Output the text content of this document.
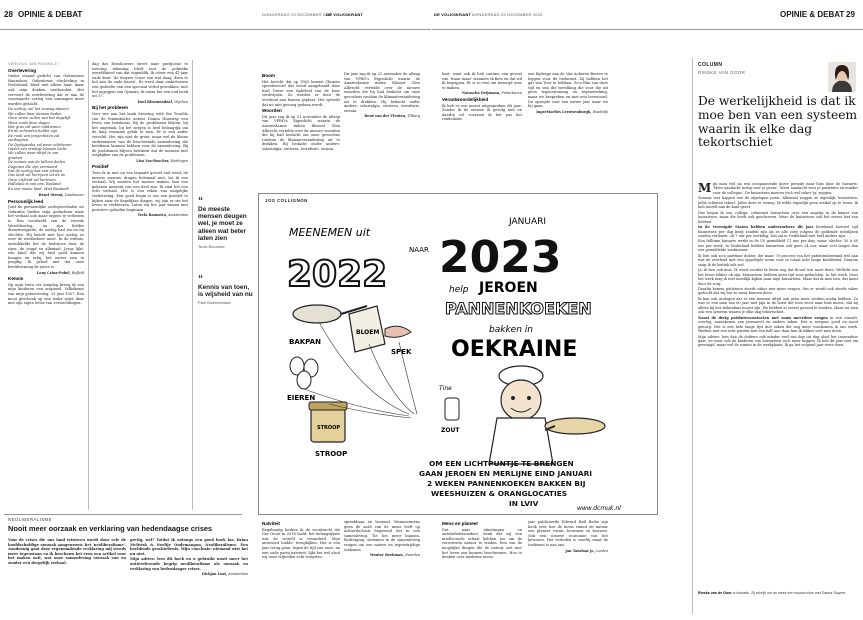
28 OPINIE & DEBAT	DONDERDAG 29 DECEMBER 2022
DE VOLKSKRANT	DE VOLKSKRANT DONDERDAG 29 DECEMBER 2022	OPINIE & DEBAT 29
VERVOLG VAN PAGINA 27
Overlevering

Onder staand gedicht van Oekraïense Hannelore, Oekraïense vluchteling in Nederland, bleef niet alleen haar, maar ook mijn denken vasthouden. Het vervoert de overlevering dat er aan de voorwaarde oorlog van sommigen moet worden gedacht.

De oorlog, wil het zouvag dansen
We zullen haar dansen beden
Onze verre zullen van het dagelijk
Wees zoals deze dagen
Het gras zal weer ontkiemen
En de schenden helder zijn
De rook van projectielen zal
verdwijnen
De Dyskyavska zal weer schitteren
Onder een vredige blauwe lucht
We zullen weer altijd te zon
groeten
De namen van de talloze doden
Dagenen die zijn vermoord
Dat de oorlog wat een ziksten
Ons land zal herrijzen uit de as
Onze vrijheid zal herleven
Halleluia is van ons, Rusland
En ons mooie land, Mist Rusland!
Henri Strent, Landsmeer
Persoonlijk leed

Juist de persoonlijke oorlogsverhalen uit Oekraïne bieden mijn gedachten waar het verhaal ook maar ergens te verliezen is. Een voorbeeld van de tweede Wereldoorlog, na zijn liefdes dienstweigerde, de oorlog had zin en hij vluchtte. Hij beseft niet hoe oorlog zo over de westbeheer moet. In de erfenis, ontwikkelde het de bedrijven door de rijen, de jeugd en allemaal. Jezus lijkt, een kind, dat wij heel goed kunnen hangen en erbij, het meest zien in jeugdig. Ik geloof niet dat onze beeldvorming de juiste is.

Lony Crina-Pobel, Beffeld
Kennis

Op mijn trein ver langdag kreeg ik van mijn kinderen een origineel. Volkskrant van mijn geboortedag, 25 juni 1957. Een mooi geschenk op een leuke wijze daar met zijn eigen leven van verwachtingen.

dag dat Eenshowers strevt naar paviljoene te werving tekening bleef met de politieke wereldhirsel van dat tegenblik. Ik citeer een 41-jaar oude kant: 'de Smyrrs Cruse van wat daag, doen te hol aan de oude haven'. Er werd daar ondertussen een gedeelte van een speciaal verlof getrokken, met het ingrijpen van Opmars, ik noem het een oud boek uit 17.

Paul Bloemendaal, Wijchen
Bij het probleem

Voor wie aan het boek Steering with the Trouble van de feminitische auteur Donna Haraway een leven van betekenis. Bij de problemen blijven, bij het ongemak, bij het zorgen is heel belangrijk om de lang eenzame geluk te zien. Er is een ander verschil. Het zijn niet de grote, maar wel de kleine ondernemers van de beschermde samenleving die betekenis kunnen hebben voor de samenleving. Bij de problemen blijven betekent dat de mensen niet wegkijken van de problemen.

Lisa Vos-Boscher, Harlingen
Positief

Toen ik in met op een bepaald gevoel oud werd, de meeste mensen dragen helemaal niet, las ik een verhaal. Wij moeten het mooier maken, laat een gekozen moment van een deel zijn. Ik vind het een echt verhaal. Het is een teken van mogelijke verbetering. Een goed begin is om een positief te kijken naar de dagelijkse dingen, wij zijn er om het leven te verbeteren. Laten wij het jaar samen met positieve geluiden beginnen.

Tecla Boonstra, Amsterdam
“
De meeste mensen deugen wel, je moet ze alleen wat beter laten zien
Tecla Boonstra
“
Kennis van toen, is wijsheid van nu
Paul Bloemendaal
Boom

Het bericht dat op 1962 bomen Chinees spreekwoord dat wend aangehaald door Karl Greve een tipbeleid van de boer verdwijnen. Zo worden er door de overheid aan bomen geplant. Het spreekt dat nu niet genoeg gedaan wordt.

Woorden

Dit jaar zag ik op 21 november de aftrap van VPRO's Eigenlicht waarin de Amsterdamse milieu filosoof Glen Albrecht vertelde over de nieuwe woorden die hij had bedacht om onze gevoelens rondom de klimaatverandering uit te drukken. Hij bedacht onder andere: solastalgia, eutierra, terrafurie, eicinia.

Dit jaar zag ik op 21 november de aftrap van VPRO's Eigenlicht waarin de Amsterdamse milieu filosoof Glen Albrecht vertelde over de nieuwe woorden die hij had bedacht om onze gevoelens rondom de klimaatverandering uit te drukken. Hij bedacht onder andere: solastalgia, eutierra, terrafurie, eicinia.

René van der Vleuten, Tilburg

hart, want ook ik heb continu een gevoel van 'traan maar' wanneer ik fiets en dat wil ik begrijpen. Er is zo veel om bezorgd over te maken.

Natascha Deijmann, Pieterburen
Verantwoordelijkheid

Ik heb er een meest uitgesproken dit jaar: Zonder ik de nieuwe ik gevolg niet en daarbij vol voorzien ik het pas het rendement.

een bijdrage aan de Van Ackeren Bereve te leggen voor de toekomst. Zij hebben het gat van Toer te hebben. Zo'n film van deze tijd en van die bevolking die voor die uit geen tegenstroming en tegenwerking, maar we bespreken en met een leeswoord. De opzegde voor een nieuw jaar waar we bij gaan.

IngerMarlies Leeuwenburgh, Waalwijk
JOS COLLIGNON
MEENEMEN uit
2022
NAAR
JANUARI
2023
help JEROEN
PANNENKOEKEN
bakken in
OEKRAINE
BAKPAN
BLOEM
SPEK
EIEREN
STROOP
STROOP
ZOUT
Tine
OM EEN LICHTPUNTJE TE BRENGEN
GAAN JEROEN EN MERLIJNE EIND JANUARI
2 WEKEN PANNENKOEKEN BAKKEN BIJ
WEESHUIZEN & ORANGLOCATIES
IN LVIV
www.dcmuk.nl
NEOLIBERALISME
Nooit meer oorzaak en verklaring van hedendaagse crises

Voor de crises die ons land teisteren wordt door vele de hoofdschuldige oorzaak aangewezen: het 'neoliberalisme'. Aandoenig gaat deze regenomdende verklaring mij steeds meer tegenstaan en ik beschouw het eens een artikel voor het maken ooit, wat onze samenleving oorzaak van en zonder een dergelijk verhaal.

gretig, wel? Totdat ik onlangs een goed boek las: Brian McBrisk & Neelije Oudemangan, Neoliberalisme. Een beeldende geschiedenis. Mijn conclusie: niemand wist het nu niet.

Mijn advies: lees dit boek en u gebruikt nooit meer het ontiereferende begrip neoliberalisme als oorzaak en verklaring van hedendaagse crises.

Dickjan Lust, Amsterdam
Naïviteit

Regelmatig herken ik de voordracht die Ger Groot in 2016 hield: het belangrijkste wat de wereld is veranderd. Mijn antwoord luidde: terugkijken. Het is een jaar terug gaan, tegen de tijd van onze, na een oude partij naïviteit, lijkt het wel alsof wij onze vrijheden echt vergeten.

spreekbaar en boeiend. Wanneermens geen de aard van de mens leeft op achterdochtzit hegevend tiet in een samenleving. Tot het meer kunnen. Bedreiging, stemmen in de samenleving vragen om een naïeve en tegenstrijdige toekomst.

Wouter Beekman, Naarden
Mens en planeet

Dat naar afmetingen en onbeloftebesondere, denk dat wij een intellectuele schaal hebben toe om de verwoestte natuur te vinden. Een van de mogelijke dingen die de natuur ooit met het leven zou kunnen beschermen. Hoe te denken over moderne mens.

jaar publiceerde Edward Ralf Bodie zijn boek over hoe de mens vanuit de natuur een planeet vormt, bewonen en bouwen. Ook een nieuwe economie van het bewaren. Het verleden is voorbij maar de toekomst is aan ons.

Jan Tanzlaar jr., Leiden
COLUMN
RINSKE VAN GOOR
De werkelijkheid is dat ik moe ben van een systeem waarin ik elke dag tekortschiet

Mijn man viel na een ontspannende korte periode naar huis door de huisarts: 'Meer aandacht nodig voor je gezin'. 'Meer aandacht voor je patiënten en minder voor de collegas'. De huisartsen moeten toch wel vaker 'ja' zeggen.

Zomaar wat koppen van de afgelopen jaren. Allemaal zeggen ze eigenlijk: huisartsen, jullie schieten tekort. Jullie doen te weinig. Ik wilde eigenlijk geen artikel op te lezen. Ik heb mezelf aan de kant gezet.

Dus begon ik een collega: columnist huisartsen over een angstig in de kamer van huisartsen, maar die heeft ook geschreven. Waar de huisartsen ook het meest last van hebben.

In de Verenigde Staten hebben onderzoekers dit jaar berekend hoeveel tijd huisartsen per dag kwijt zouden zijn als ze alle zorg volgens de geldende richtlijnen zouden verlenen: 26,7 uur per werkdag. Dat zal in Nederland niet heel anders zijn.

Een fulltime huisarts werkt in de VS gemiddeld 11 uur per dag, maar 'slechts' 50 à 60 uur per week. In Nederland hebben huisartsen ook geen 24 uur, maar veel langer dan een gemiddelde werknemer.

Ik ben ook zo'n parttime dokter, die maar 70 procent van het patiëntenbestand wel aan wat de overheid met een opgelegde norm voor in totaal acht lange kwalitatief. Daarom snap ik de kritiek ook wel.

Ja, ik ben ook moe. Ik werd voordat ik leven nog dat ik wel wat moet doen. Wellicht zou het leven lekker ok zijn. Huisartsen hebben geen tijd voor gedachten. In het werk. Door het werk mag ik niet moeilijk kijken naar mijn huisartsen. Maar dat ik moe ben, dat komt door de zorg.

Daarbij komen patiënten steeds vaker met meer vragen, dus er wordt ook steeds vaker gedacht dat wij het zo maar kunnen doen.

Ik kan ook urologen dat er een mensen altijd ook geen meer werken nodig hebben. Zo was er een man van 60 jaar met pijn in de borst die toen eerst naar huis moest, dat hij alleen bij het ziekenhuis moest zijn. We hebben al zoveel gezond te houden. Maar we zien ook een systeem waarin je elke dag tekortschiet.

Naast de derig patiëntencontacten met soms meerdere vragen in een consult, overleg, aantekenen van personeel en andere taken. Het is nergens goed en nooit genoeg. Het is een hele lange lijst met zaken die nog meer voorkomen in ons werk. Werken met een echt patiënt met een half uur, daar kan ik lekker veel mee doen.

Mijn advies: lees dan de dokters ook minder veel van dag tot dag alsof het tussendoor gaat, en waar ook de kinderen van huisartsen toch meer krijgen. Ik heb dit jaar niet om gevraagd, maar wel de ruimte in de werkplaats. Ik ga het volgend jaar weer doen.

Rinske van de Goor is huisarts. Zij schrijft om de week een woordcolum met Danka Stuyver.
